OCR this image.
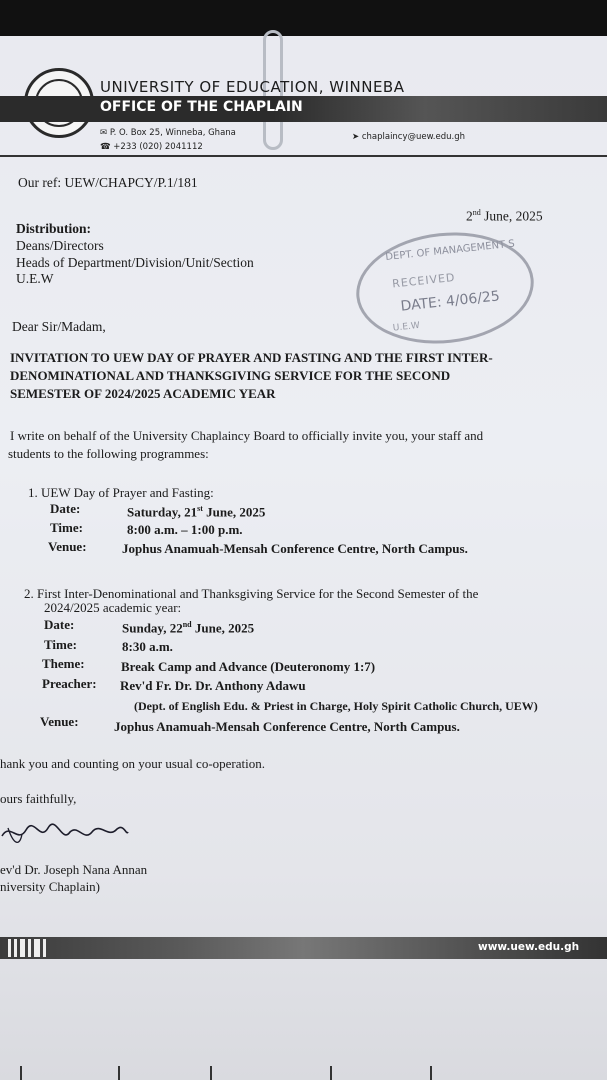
UNIVERSITY OF EDUCATION, WINNEBA
OFFICE OF THE CHAPLAIN
✉ P. O. Box 25, Winneba, Ghana
☎ +233 (020) 2041112
➤ chaplaincy@uew.edu.gh
Our ref: UEW/CHAPCY/P.1/181
2nd June, 2025
Distribution:
Deans/Directors
Heads of Department/Division/Unit/Section
U.E.W
DEPT. OF MANAGEMENT S
RECEIVED
DATE: 4/06/25
U.E.W
Dear Sir/Madam,
INVITATION TO UEW DAY OF PRAYER AND FASTING AND THE FIRST INTER-
DENOMINATIONAL AND THANKSGIVING SERVICE FOR THE SECOND
SEMESTER OF 2024/2025 ACADEMIC YEAR
I write on behalf of the University Chaplaincy Board to officially invite you, your staff and
students to the following programmes:
1. UEW Day of Prayer and Fasting:
Date:	Saturday, 21st June, 2025
Time:	8:00 a.m. – 1:00 p.m.
Venue:	Jophus Anamuah-Mensah Conference Centre, North Campus.
2. First Inter-Denominational and Thanksgiving Service for the Second Semester of the
2024/2025 academic year:
Date:	Sunday, 22nd June, 2025
Time:	8:30 a.m.
Theme:	Break Camp and Advance (Deuteronomy 1:7)
Preacher: Rev'd Fr. Dr. Dr. Anthony Adawu
(Dept. of English Edu. & Priest in Charge, Holy Spirit Catholic Church, UEW)
Venue:	Jophus Anamuah-Mensah Conference Centre, North Campus.
hank you and counting on your usual co-operation.
ours faithfully,
ev'd Dr. Joseph Nana Annan
niversity Chaplain)
www.uew.edu.gh
